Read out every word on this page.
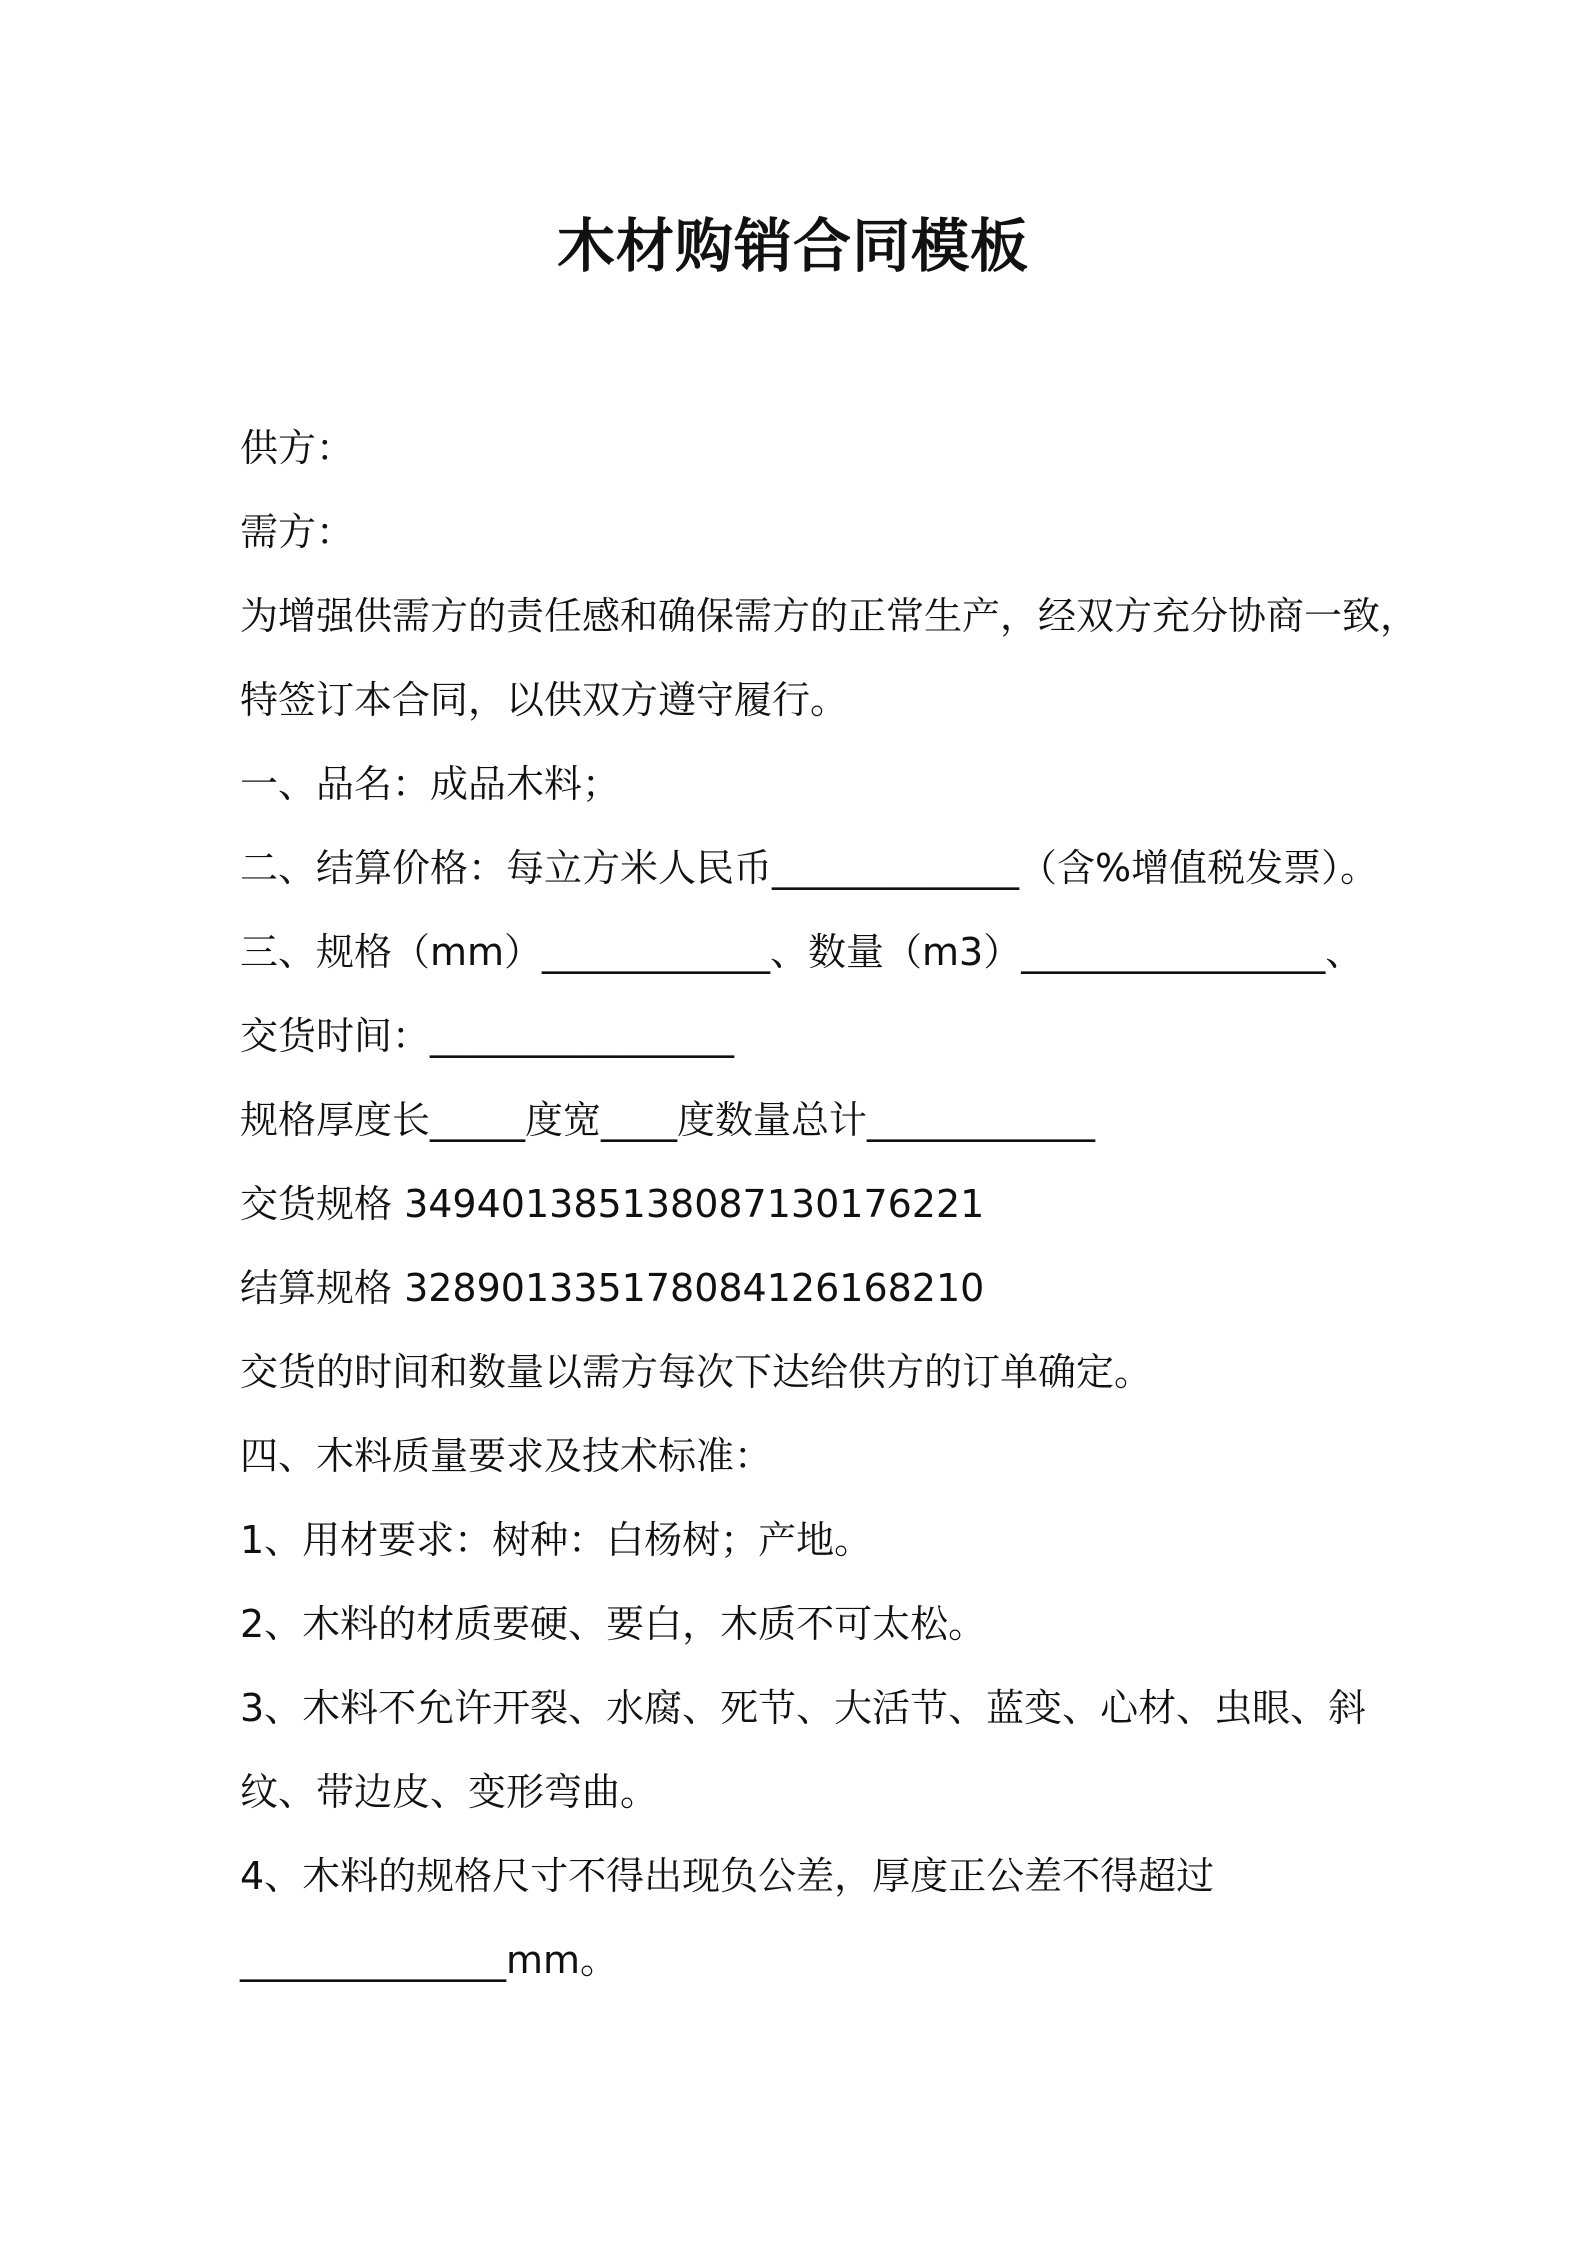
木材购销合同模板

供方：

需方：

为增强供需方的责任感和确保需方的正常生产，经双方充分协商一致，

特签订本合同，以供双方遵守履行。

一、品名：成品木料；

二、结算价格：每立方米人民币_____________（含%增值税发票）。

三、规格（mm）____________、数量（m3）________________、

交货时间：________________

规格厚度长_____度宽____度数量总计____________

交货规格 349401385138087130176221

结算规格 328901335178084126168210

交货的时间和数量以需方每次下达给供方的订单确定。

四、木料质量要求及技术标准：

1、用材要求：树种：白杨树；产地。

2、木料的材质要硬、要白，木质不可太松。

3、木料不允许开裂、水腐、死节、大活节、蓝变、心材、虫眼、斜

纹、带边皮、变形弯曲。

4、木料的规格尺寸不得出现负公差，厚度正公差不得超过

______________mm。
